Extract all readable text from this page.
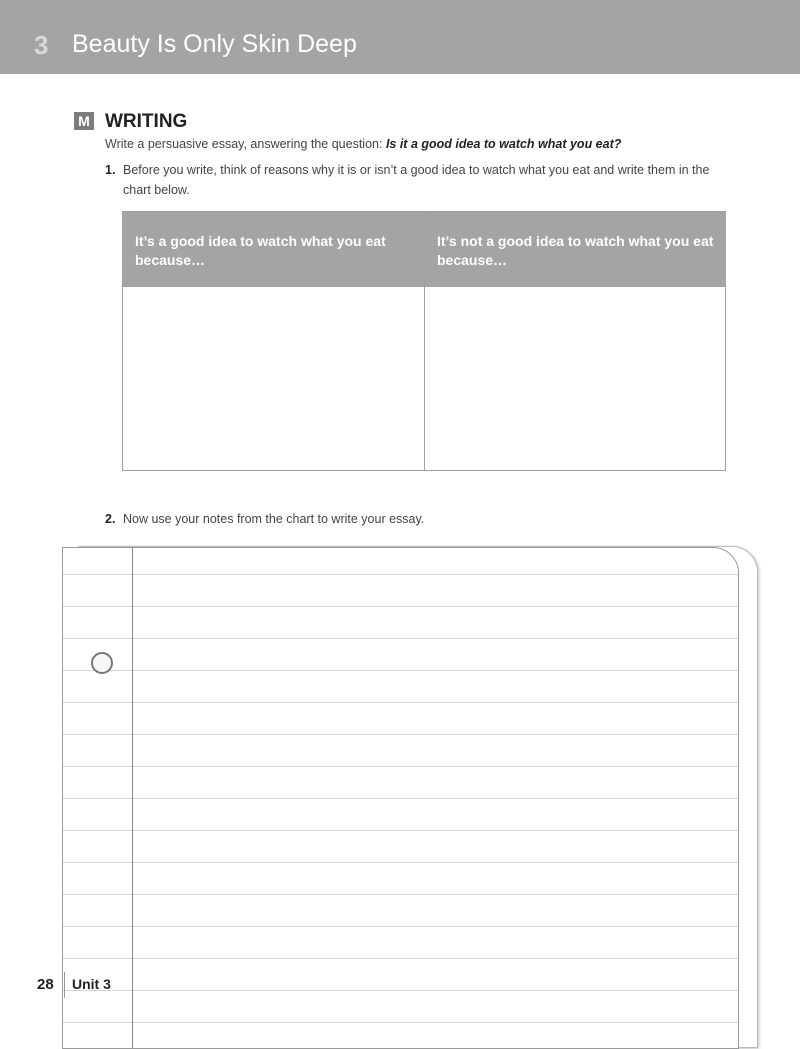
3 Beauty Is Only Skin Deep
M WRITING
Write a persuasive essay, answering the question: Is it a good idea to watch what you eat?
1. Before you write, think of reasons why it is or isn’t a good idea to watch what you eat and write them in the chart below.
It’s a good idea to watch what you eat because…
It’s not a good idea to watch what you eat because…
2. Now use your notes from the chart to write your essay.
28 Unit 3
